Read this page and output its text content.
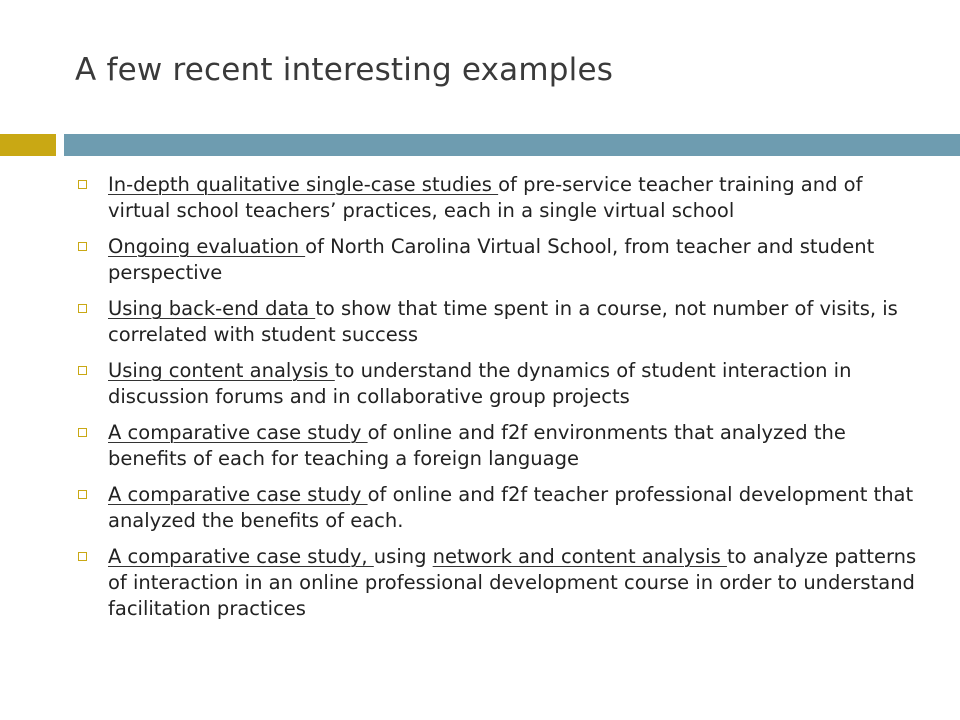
A few recent interesting examples
In-depth qualitative single-case studies of pre-service teacher training and of virtual school teachers’ practices, each in a single virtual school
Ongoing evaluation of North Carolina Virtual School, from teacher and student perspective
Using back-end data to show that time spent in a course, not number of visits, is correlated with student success
Using content analysis to understand the dynamics of student interaction in discussion forums and in collaborative group projects
A comparative case study of online and f2f environments that analyzed the benefits of each for teaching a foreign language
A comparative case study of online and f2f teacher professional development that analyzed the benefits of each.
A comparative case study, using network and content analysis to analyze patterns of interaction in an online professional development course in order to understand facilitation practices
